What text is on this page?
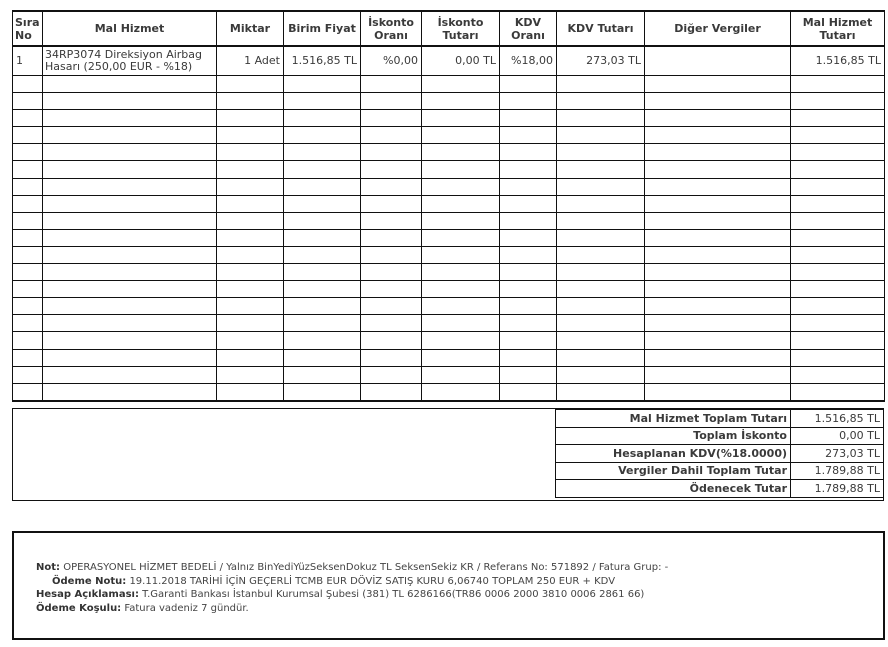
Sıra No	Mal Hizmet	Miktar	Birim Fiyat	İskonto Oranı	İskonto Tutarı	KDV Oranı	KDV Tutarı	Diğer Vergiler	Mal Hizmet Tutarı
1	34RP3074 Direksiyon Airbag Hasarı (250,00 EUR - %18)	1 Adet	1.516,85 TL	%0,00	0,00 TL	%18,00	273,03 TL		1.516,85 TL

Mal Hizmet Toplam Tutarı	1.516,85 TL
Toplam İskonto	0,00 TL
Hesaplanan KDV(%18.0000)	273,03 TL
Vergiler Dahil Toplam Tutar	1.789,88 TL
Ödenecek Tutar	1.789,88 TL
Not: OPERASYONEL HİZMET BEDELİ / Yalnız BinYediYüzSeksenDokuz TL SeksenSekiz KR / Referans No: 571892 / Fatura Grup: -
Ödeme Notu: 19.11.2018 TARİHİ İÇİN GEÇERLİ TCMB EUR DÖVİZ SATIŞ KURU 6,06740 TOPLAM 250 EUR + KDV
Hesap Açıklaması: T.Garanti Bankası İstanbul Kurumsal Şubesi (381) TL 6286166(TR86 0006 2000 3810 0006 2861 66)
Ödeme Koşulu: Fatura vadeniz 7 gündür.
